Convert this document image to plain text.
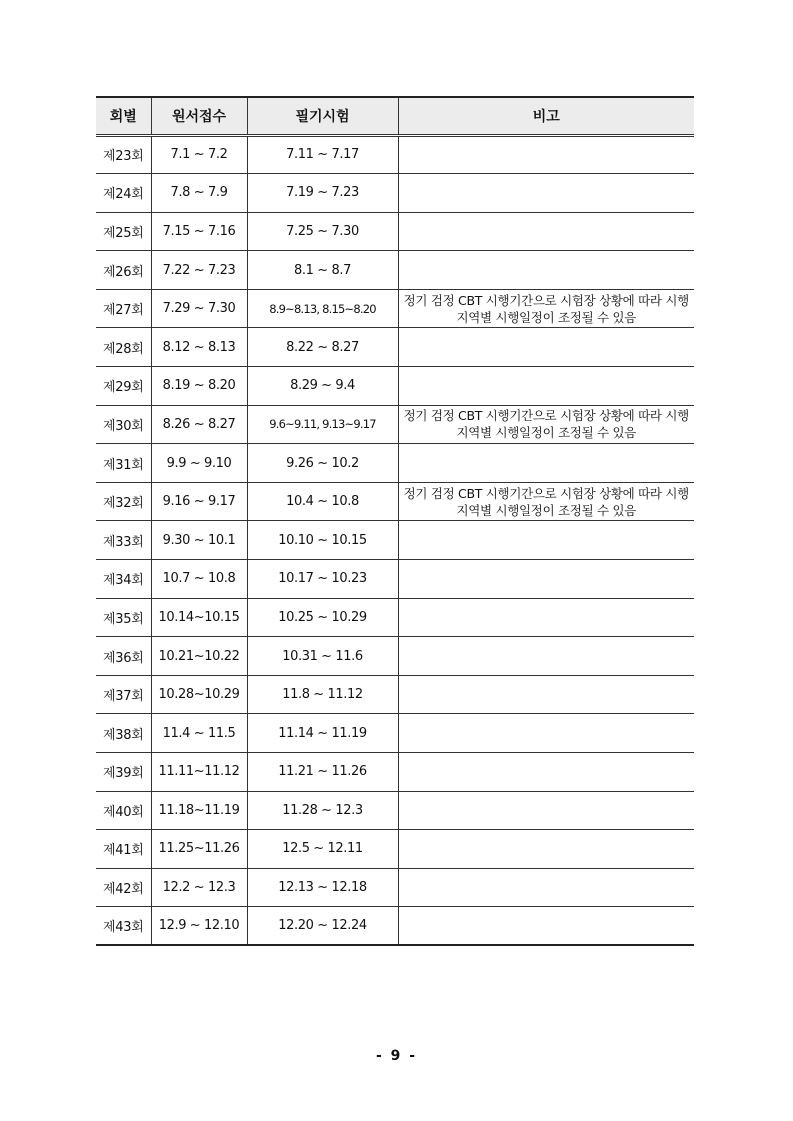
회별	원서접수	필기시험	비고
제23회	7.1 ~ 7.2	7.11 ~ 7.17	
제24회	7.8 ~ 7.9	7.19 ~ 7.23	
제25회	7.15 ~ 7.16	7.25 ~ 7.30	
제26회	7.22 ~ 7.23	8.1 ~ 8.7	
제27회	7.29 ~ 7.30	8.9~8.13, 8.15~8.20	정기 검정 CBT 시행기간으로 시험장 상황에 따라 시행지역별 시행일정이 조정될 수 있음
제28회	8.12 ~ 8.13	8.22 ~ 8.27	
제29회	8.19 ~ 8.20	8.29 ~ 9.4	
제30회	8.26 ~ 8.27	9.6~9.11, 9.13~9.17	정기 검정 CBT 시행기간으로 시험장 상황에 따라 시행지역별 시행일정이 조정될 수 있음
제31회	9.9 ~ 9.10	9.26 ~ 10.2	
제32회	9.16 ~ 9.17	10.4 ~ 10.8	정기 검정 CBT 시행기간으로 시험장 상황에 따라 시행지역별 시행일정이 조정될 수 있음
제33회	9.30 ~ 10.1	10.10 ~ 10.15	
제34회	10.7 ~ 10.8	10.17 ~ 10.23	
제35회	10.14~10.15	10.25 ~ 10.29	
제36회	10.21~10.22	10.31 ~ 11.6	
제37회	10.28~10.29	11.8 ~ 11.12	
제38회	11.4 ~ 11.5	11.14 ~ 11.19	
제39회	11.11~11.12	11.21 ~ 11.26	
제40회	11.18~11.19	11.28 ~ 12.3	
제41회	11.25~11.26	12.5 ~ 12.11	
제42회	12.2 ~ 12.3	12.13 ~ 12.18	
제43회	12.9 ~ 12.10	12.20 ~ 12.24	
- 9 -
